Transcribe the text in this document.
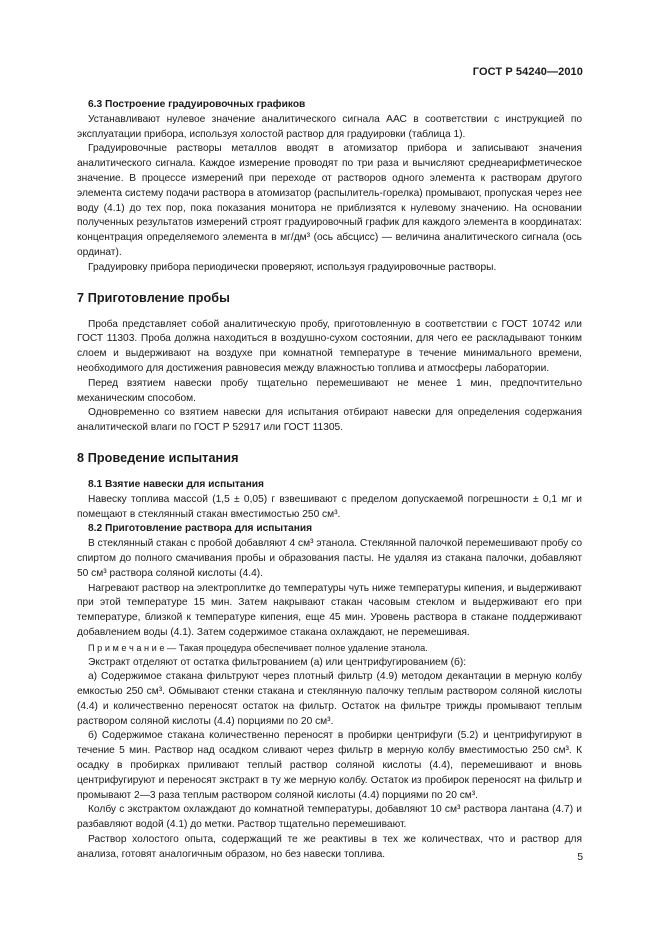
ГОСТ Р 54240—2010

6.3 Построение градуировочных графиков

Устанавливают нулевое значение аналитического сигнала ААС в соответствии с инструкцией по эксплуатации прибора, используя холостой раствор для градуировки (таблица 1).

Градуировочные растворы металлов вводят в атомизатор прибора и записывают значения аналитического сигнала. Каждое измерение проводят по три раза и вычисляют среднеарифметическое значение. В процессе измерений при переходе от растворов одного элемента к растворам другого элемента систему подачи раствора в атомизатор (распылитель-горелка) промывают, пропуская через нее воду (4.1) до тех пор, пока показания монитора не приблизятся к нулевому значению. На основании полученных результатов измерений строят градуировочный график для каждого элемента в координатах: концентрация определяемого элемента в мг/дм³ (ось абсцисс) — величина аналитического сигнала (ось ординат).

Градуировку прибора периодически проверяют, используя градуировочные растворы.

7 Приготовление пробы

Проба представляет собой аналитическую пробу, приготовленную в соответствии с ГОСТ 10742 или ГОСТ 11303. Проба должна находиться в воздушно-сухом состоянии, для чего ее раскладывают тонким слоем и выдерживают на воздухе при комнатной температуре в течение минимального времени, необходимого для достижения равновесия между влажностью топлива и атмосферы лаборатории.

Перед взятием навески пробу тщательно перемешивают не менее 1 мин, предпочтительно механическим способом.

Одновременно со взятием навески для испытания отбирают навески для определения содержания аналитической влаги по ГОСТ Р 52917 или ГОСТ 11305.

8 Проведение испытания

8.1 Взятие навески для испытания

Навеску топлива массой (1,5 ± 0,05) г взвешивают с пределом допускаемой погрешности ± 0,1 мг и помещают в стеклянный стакан вместимостью 250 см³.

8.2 Приготовление раствора для испытания

В стеклянный стакан с пробой добавляют 4 см³ этанола. Стеклянной палочкой перемешивают пробу со спиртом до полного смачивания пробы и образования пасты. Не удаляя из стакана палочки, добавляют 50 см³ раствора соляной кислоты (4.4).

Нагревают раствор на электроплитке до температуры чуть ниже температуры кипения, и выдерживают при этой температуре 15 мин. Затем накрывают стакан часовым стеклом и выдерживают его при температуре, близкой к температуре кипения, еще 45 мин. Уровень раствора в стакане поддерживают добавлением воды (4.1). Затем содержимое стакана охлаждают, не перемешивая.

П р и м е ч а н и е — Такая процедура обеспечивает полное удаление этанола.

Экстракт отделяют от остатка фильтрованием (а) или центрифугированием (б):

а) Содержимое стакана фильтруют через плотный фильтр (4.9) методом декантации в мерную колбу емкостью 250 см³. Обмывают стенки стакана и стеклянную палочку теплым раствором соляной кислоты (4.4) и количественно переносят остаток на фильтр. Остаток на фильтре трижды промывают теплым раствором соляной кислоты (4.4) порциями по 20 см³.

б) Содержимое стакана количественно переносят в пробирки центрифуги (5.2) и центрифугируют в течение 5 мин. Раствор над осадком сливают через фильтр в мерную колбу вместимостью 250 см³. К осадку в пробирках приливают теплый раствор соляной кислоты (4.4), перемешивают и вновь центрифугируют и переносят экстракт в ту же мерную колбу. Остаток из пробирок переносят на фильтр и промывают 2—3 раза теплым раствором соляной кислоты (4.4) порциями по 20 см³.

Колбу с экстрактом охлаждают до комнатной температуры, добавляют 10 см³ раствора лантана (4.7) и разбавляют водой (4.1) до метки. Раствор тщательно перемешивают.

Раствор холостого опыта, содержащий те же реактивы в тех же количествах, что и раствор для анализа, готовят аналогичным образом, но без навески топлива.	5
